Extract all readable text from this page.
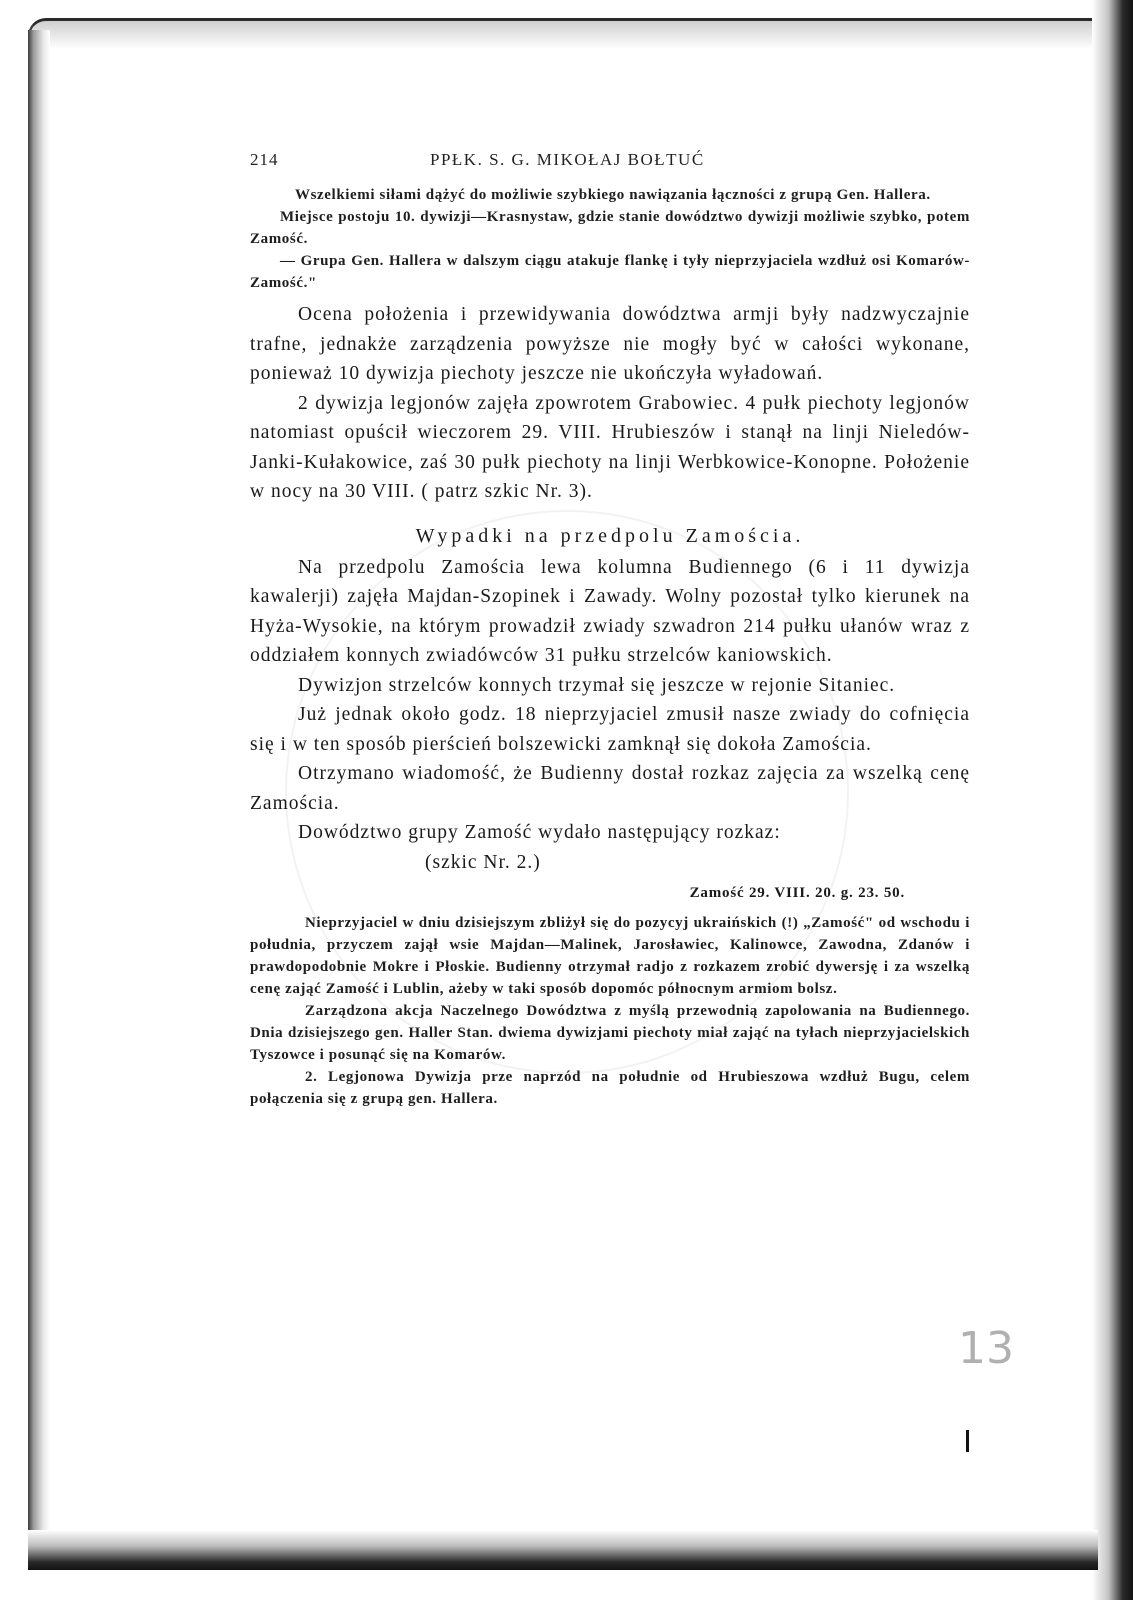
214	PPŁK. S. G. MIKOŁAJ BOŁTUĆ

Wszelkiemi siłami dążyć do możliwie szybkiego nawiązania łączności z grupą Gen. Hallera.

Miejsce postoju 10. dywizji—Krasnystaw, gdzie stanie dowództwo dywizji możliwie szybko, potem Zamość.

— Grupa Gen. Hallera w dalszym ciągu atakuje flankę i tyły nieprzyjaciela wzdłuż osi Komarów-Zamość."

Ocena położenia i przewidywania dowództwa armji były nadzwyczajnie trafne, jednakże zarządzenia powyższe nie mogły być w całości wykonane, ponieważ 10 dywizja piechoty jeszcze nie ukończyła wyładowań.

2 dywizja legjonów zajęła zpowrotem Grabowiec. 4 pułk piechoty legjonów natomiast opuścił wieczorem 29. VIII. Hrubieszów i stanął na linji Nieledów-Janki-Kułakowice, zaś 30 pułk piechoty na linji Werbkowice-Konopne. Położenie w nocy na 30 VIII. ( patrz szkic Nr. 3).

Wypadki na przedpolu Zamościa.

Na przedpolu Zamościa lewa kolumna Budiennego (6 i 11 dywizja kawalerji) zajęła Majdan-Szopinek i Zawady. Wolny pozostał tylko kierunek na Hyża-Wysokie, na którym prowadził zwiady szwadron 214 pułku ułanów wraz z oddziałem konnych zwiadówców 31 pułku strzelców kaniowskich.

Dywizjon strzelców konnych trzymał się jeszcze w rejonie Sitaniec.

Już jednak około godz. 18 nieprzyjaciel zmusił nasze zwiady do cofnięcia się i w ten sposób pierścień bolszewicki zamknął się dokoła Zamościa.

Otrzymano wiadomość, że Budienny dostał rozkaz zajęcia za wszelką cenę Zamościa.

Dowództwo grupy Zamość wydało następujący rozkaz:

(szkic Nr. 2.)

Zamość 29. VIII. 20. g. 23. 50.

Nieprzyjaciel w dniu dzisiejszym zbliżył się do pozycyj ukraińskich (!) „Zamość" od wschodu i południa, przyczem zajął wsie Majdan—Malinek, Jarosławiec, Kalinowce, Zawodna, Zdanów i prawdopodobnie Mokre i Płoskie. Budienny otrzymał radjo z rozkazem zrobić dywersję i za wszelką cenę zająć Zamość i Lublin, ażeby w taki sposób dopomóc północnym armiom bolsz.

Zarządzona akcja Naczelnego Dowództwa z myślą przewodnią zapolowania na Budiennego. Dnia dzisiejszego gen. Haller Stan. dwiema dywizjami piechoty miał zająć na tyłach nieprzyjacielskich Tyszowce i posunąć się na Komarów.

2. Legjonowa Dywizja prze naprzód na południe od Hrubieszowa wzdłuż Bugu, celem połączenia się z grupą gen. Hallera.

13
